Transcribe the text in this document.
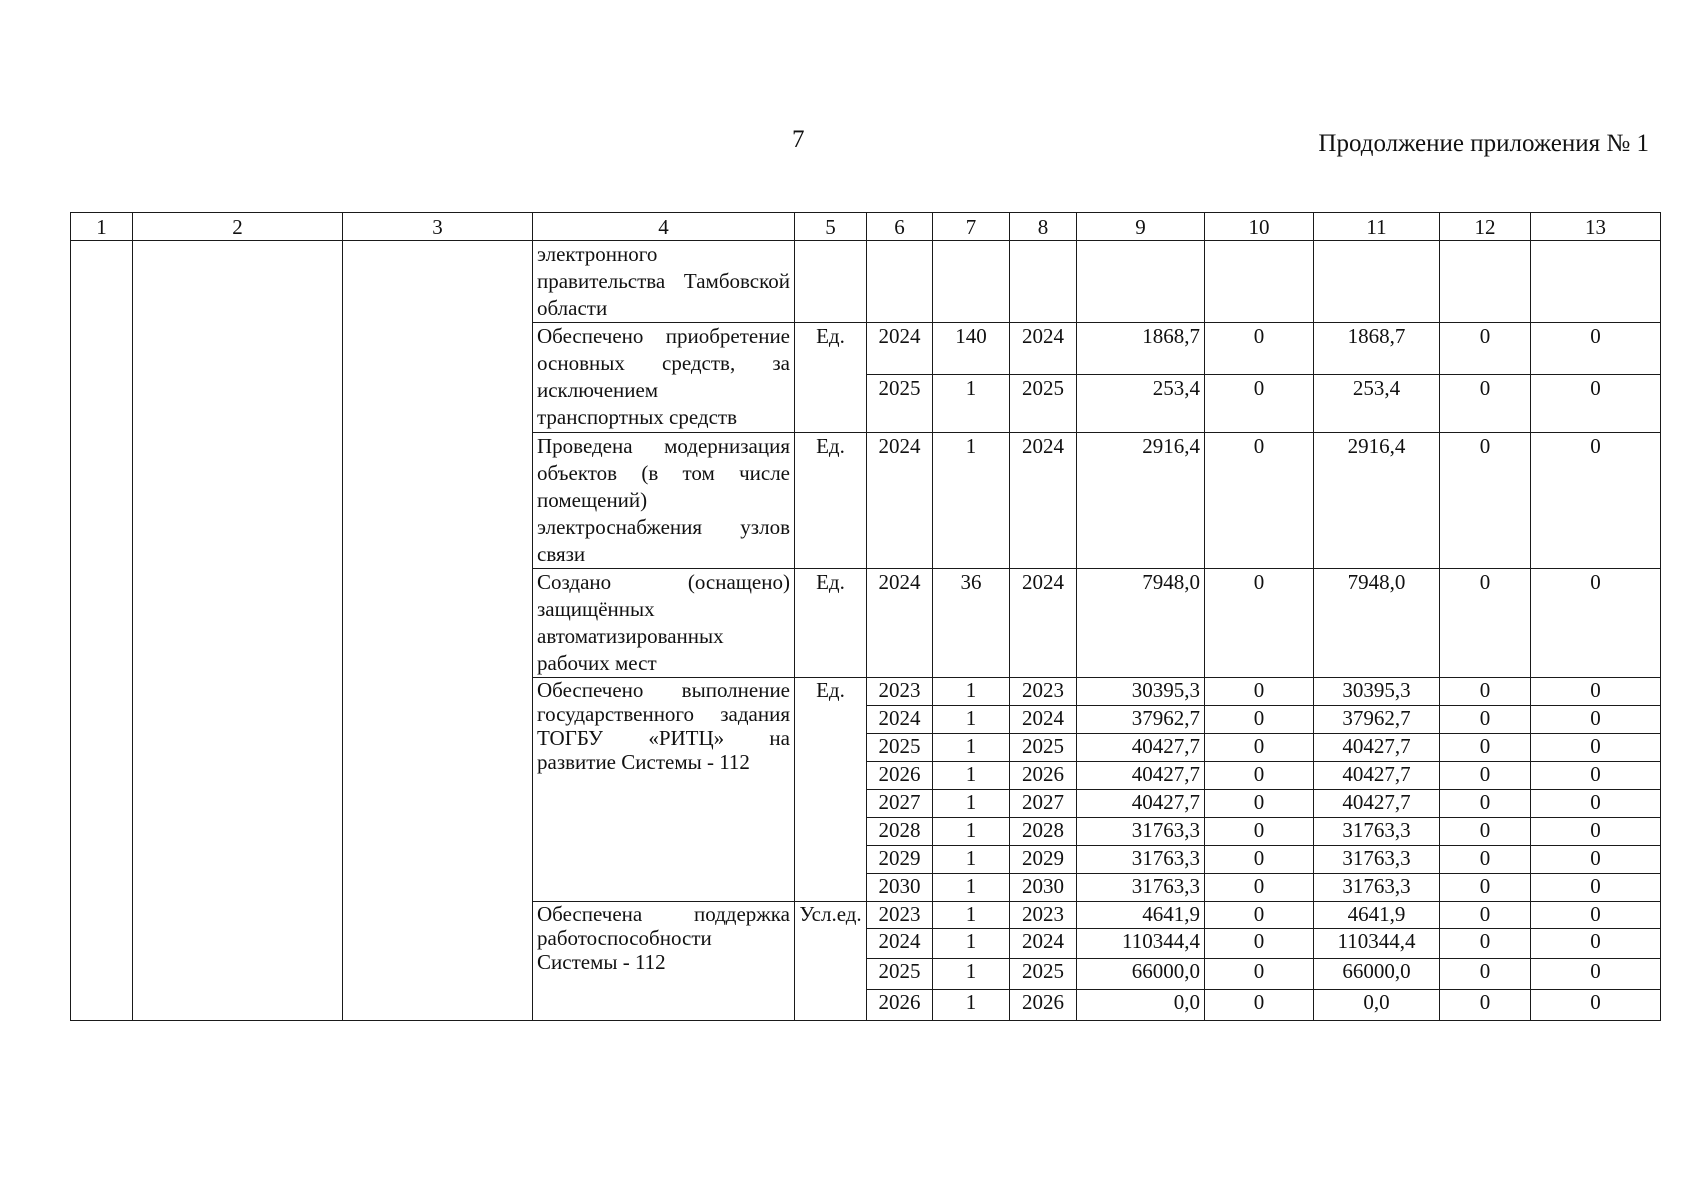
7	Продолжение приложения № 1
1	2	3	4	5	6	7	8	9	10	11	12	13
			электронного правительства Тамбовской области									
			Обеспечено приобретение основных средств, за исключением транспортных средств	Ед.	2024	140	2024	1868,7	0	1868,7	0	0
					2025	1	2025	253,4	0	253,4	0	0
			Проведена модернизация объектов (в том числе помещений) электроснабжения узлов связи	Ед.	2024	1	2024	2916,4	0	2916,4	0	0
			Создано (оснащено) защищённых автоматизированных рабочих мест	Ед.	2024	36	2024	7948,0	0	7948,0	0	0
			Обеспечено выполнение государственного задания ТОГБУ «РИТЦ» на развитие Системы - 112	Ед.	2023	1	2023	30395,3	0	30395,3	0	0
					2024	1	2024	37962,7	0	37962,7	0	0
					2025	1	2025	40427,7	0	40427,7	0	0
					2026	1	2026	40427,7	0	40427,7	0	0
					2027	1	2027	40427,7	0	40427,7	0	0
					2028	1	2028	31763,3	0	31763,3	0	0
					2029	1	2029	31763,3	0	31763,3	0	0
					2030	1	2030	31763,3	0	31763,3	0	0
			Обеспечена поддержка работоспособности Системы - 112	Усл.ед.	2023	1	2023	4641,9	0	4641,9	0	0
					2024	1	2024	110344,4	0	110344,4	0	0
					2025	1	2025	66000,0	0	66000,0	0	0
					2026	1	2026	0,0	0	0,0	0	0
